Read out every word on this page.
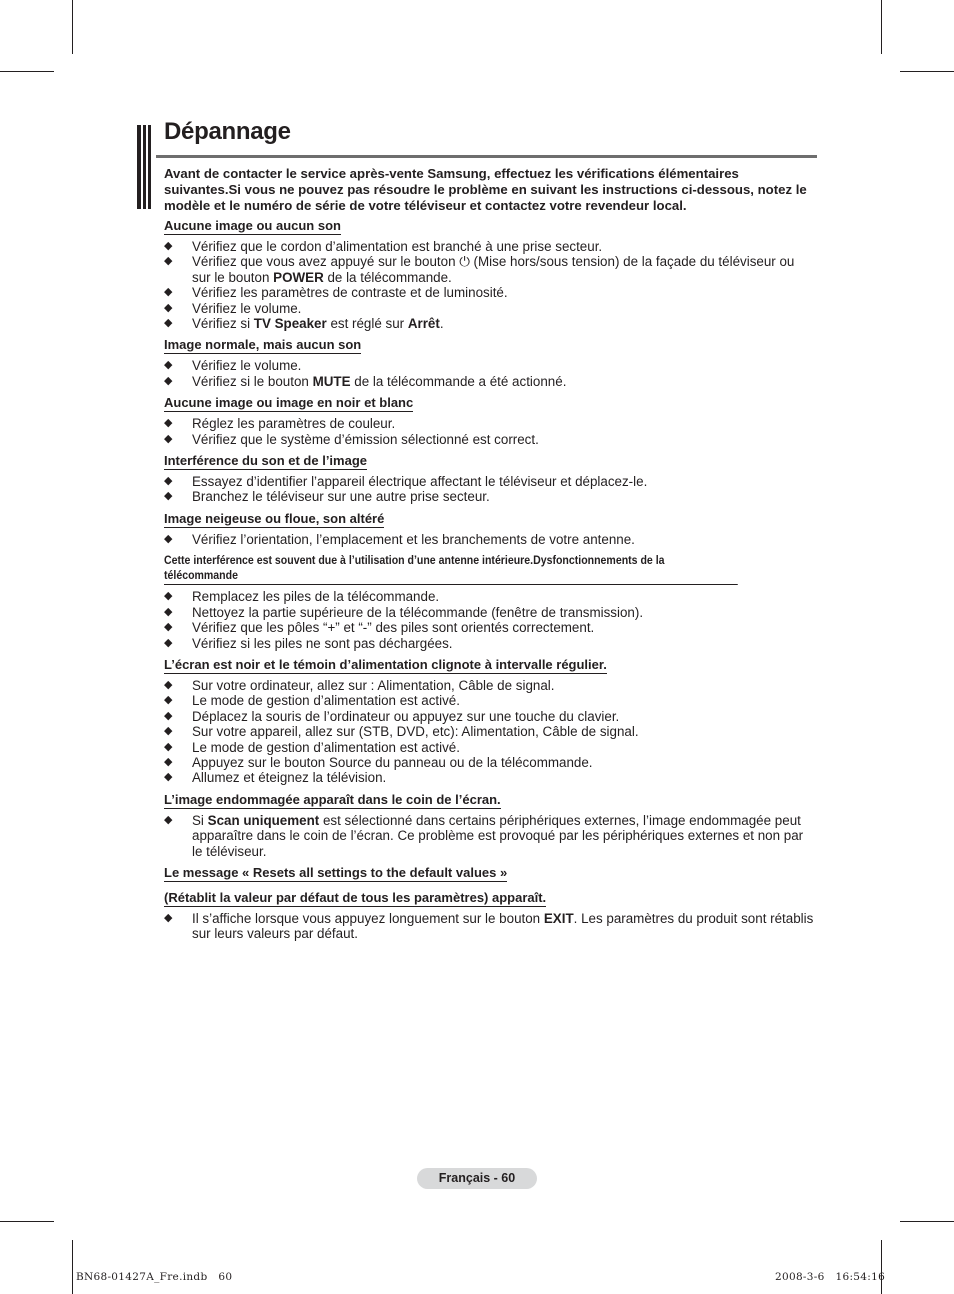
Dépannage
Avant de contacter le service après-vente Samsung, effectuez les vérifications élémentaires suivantes.Si vous ne pouvez pas résoudre le problème en suivant les instructions ci-dessous, notez le modèle et le numéro de série de votre téléviseur et contactez votre revendeur local.
Aucune image ou aucun son
◆ Vérifiez que le cordon d’alimentation est branché à une prise secteur.
◆ Vérifiez que vous avez appuyé sur le bouton ⏻ (Mise hors/sous tension) de la façade du téléviseur ou sur le bouton POWER de la télécommande.
◆ Vérifiez les paramètres de contraste et de luminosité.
◆ Vérifiez le volume.
◆ Vérifiez si TV Speaker est réglé sur Arrêt.
Image normale, mais aucun son
◆ Vérifiez le volume.
◆ Vérifiez si le bouton MUTE de la télécommande a été actionné.
Aucune image ou image en noir et blanc
◆ Réglez les paramètres de couleur.
◆ Vérifiez que le système d’émission sélectionné est correct.
Interférence du son et de l’image
◆ Essayez d’identifier l’appareil électrique affectant le téléviseur et déplacez-le.
◆ Branchez le téléviseur sur une autre prise secteur.
Image neigeuse ou floue, son altéré
◆ Vérifiez l’orientation, l’emplacement et les branchements de votre antenne.
Cette interférence est souvent due à l’utilisation d’une antenne intérieure.Dysfonctionnements de la télécommande
◆ Remplacez les piles de la télécommande.
◆ Nettoyez la partie supérieure de la télécommande (fenêtre de transmission).
◆ Vérifiez que les pôles “+” et “-” des piles sont orientés correctement.
◆ Vérifiez si les piles ne sont pas déchargées.
L’écran est noir et le témoin d’alimentation clignote à intervalle régulier.
◆ Sur votre ordinateur, allez sur : Alimentation, Câble de signal.
◆ Le mode de gestion d’alimentation est activé.
◆ Déplacez la souris de l’ordinateur ou appuyez sur une touche du clavier.
◆ Sur votre appareil, allez sur (STB, DVD, etc): Alimentation, Câble de signal.
◆ Le mode de gestion d’alimentation est activé.
◆ Appuyez sur le bouton Source du panneau ou de la télécommande.
◆ Allumez et éteignez la télévision.
L’image endommagée apparaît dans le coin de l’écran.
◆ Si Scan uniquement est sélectionné dans certains périphériques externes, l’image endommagée peut apparaître dans le coin de l’écran. Ce problème est provoqué par les périphériques externes et non par le téléviseur.
Le message « Resets all settings to the default values »
(Rétablit la valeur par défaut de tous les paramètres) apparaît.
◆ Il s’affiche lorsque vous appuyez longuement sur le bouton EXIT. Les paramètres du produit sont rétablis sur leurs valeurs par défaut.
Français - 60
BN68-01427A_Fre.indb   60	2008-3-6   16:54:16
